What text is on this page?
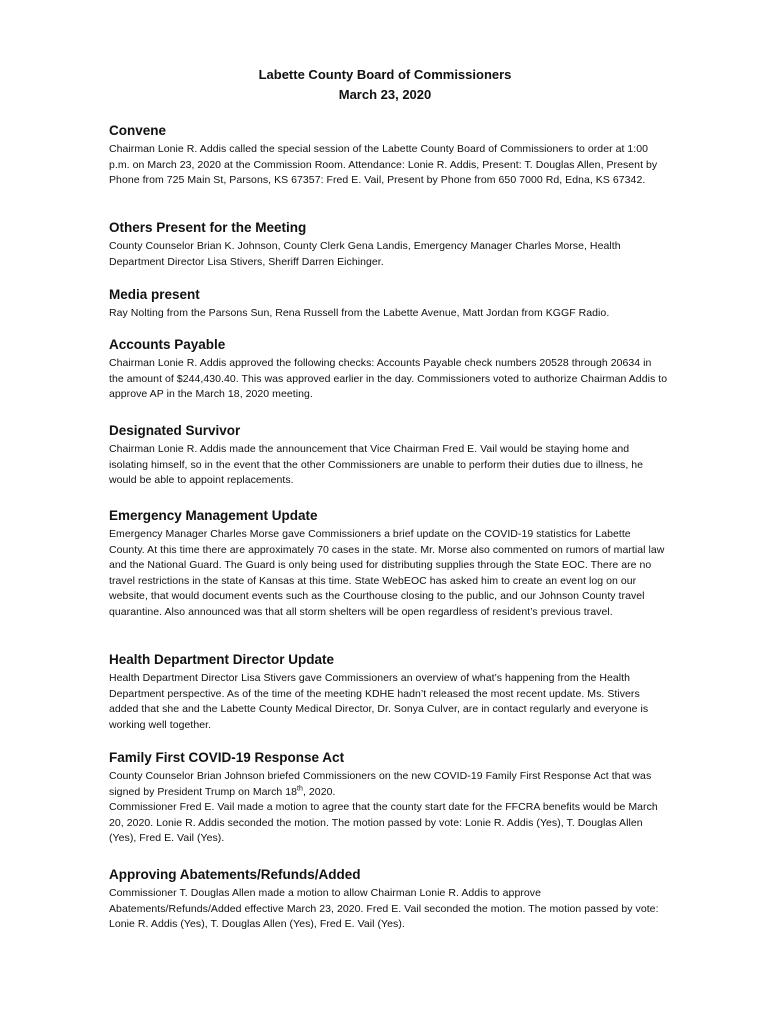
Labette County Board of Commissioners
March 23, 2020
Convene

Chairman Lonie R. Addis called the special session of the Labette County Board of Commissioners to order at 1:00 p.m. on March 23, 2020 at the Commission Room. Attendance: Lonie R. Addis, Present: T. Douglas Allen, Present by Phone from 725 Main St, Parsons, KS 67357: Fred E. Vail, Present by Phone from 650 7000 Rd, Edna, KS 67342.

Others Present for the Meeting

County Counselor Brian K. Johnson, County Clerk Gena Landis, Emergency Manager Charles Morse, Health Department Director Lisa Stivers, Sheriff Darren Eichinger.

Media present

Ray Nolting from the Parsons Sun, Rena Russell from the Labette Avenue, Matt Jordan from KGGF Radio.

Accounts Payable

Chairman Lonie R. Addis approved the following checks: Accounts Payable check numbers 20528 through 20634 in the amount of $244,430.40. This was approved earlier in the day. Commissioners voted to authorize Chairman Addis to approve AP in the March 18, 2020 meeting.

Designated Survivor

Chairman Lonie R. Addis made the announcement that Vice Chairman Fred E. Vail would be staying home and isolating himself, so in the event that the other Commissioners are unable to perform their duties due to illness, he would be able to appoint replacements.

Emergency Management Update

Emergency Manager Charles Morse gave Commissioners a brief update on the COVID-19 statistics for Labette County. At this time there are approximately 70 cases in the state. Mr. Morse also commented on rumors of martial law and the National Guard. The Guard is only being used for distributing supplies through the State EOC. There are no travel restrictions in the state of Kansas at this time. State WebEOC has asked him to create an event log on our website, that would document events such as the Courthouse closing to the public, and our Johnson County travel quarantine. Also announced was that all storm shelters will be open regardless of resident’s previous travel.

Health Department Director Update

Health Department Director Lisa Stivers gave Commissioners an overview of what’s happening from the Health Department perspective. As of the time of the meeting KDHE hadn’t released the most recent update. Ms. Stivers added that she and the Labette County Medical Director, Dr. Sonya Culver, are in contact regularly and everyone is working well together.

Family First COVID-19 Response Act

County Counselor Brian Johnson briefed Commissioners on the new COVID-19 Family First Response Act that was signed by President Trump on March 18th, 2020.

Commissioner Fred E. Vail made a motion to agree that the county start date for the FFCRA benefits would be March 20, 2020. Lonie R. Addis seconded the motion. The motion passed by vote: Lonie R. Addis (Yes), T. Douglas Allen (Yes), Fred E. Vail (Yes).

Approving Abatements/Refunds/Added

Commissioner T. Douglas Allen made a motion to allow Chairman Lonie R. Addis to approve Abatements/Refunds/Added effective March 23, 2020. Fred E. Vail seconded the motion. The motion passed by vote: Lonie R. Addis (Yes), T. Douglas Allen (Yes), Fred E. Vail (Yes).
